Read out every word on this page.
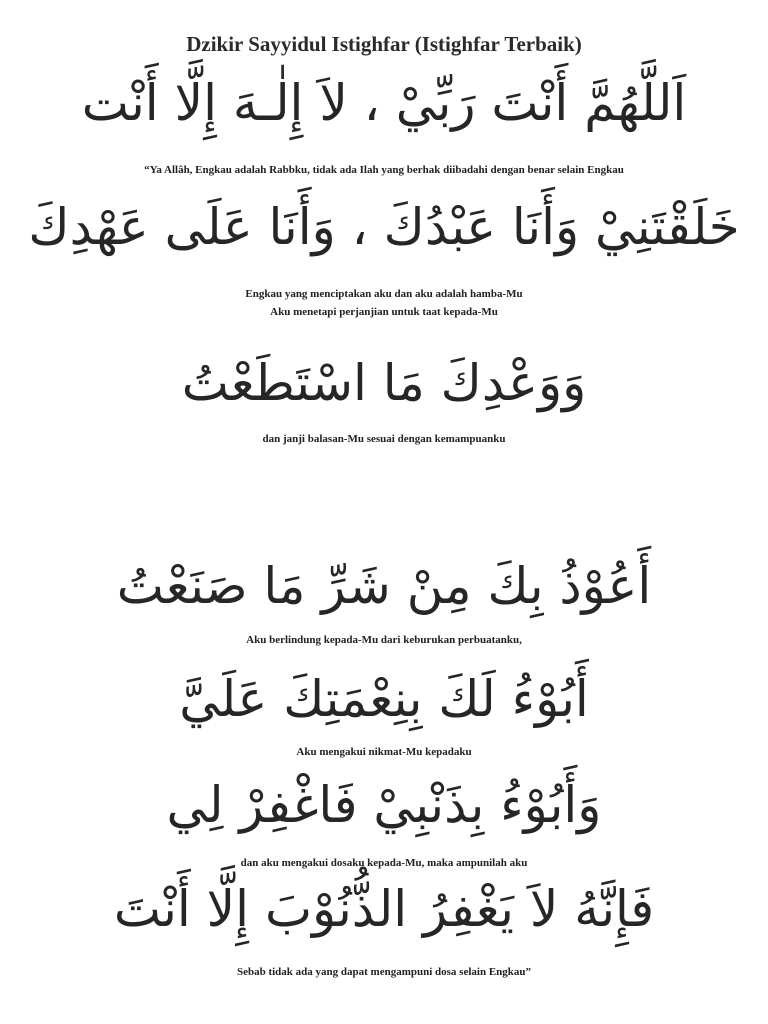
Dzikir Sayyidul Istighfar (Istighfar Terbaik)
اَللَّهُمَّ أَنْتَ رَبِّيْ ، لاَ إِلٰـهَ إِلَّا أَنْت
“Ya Allâh, Engkau adalah Rabbku, tidak ada Ilah yang berhak diibadahi dengan benar selain Engkau
خَلَقْتَنِيْ وَأَنَا عَبْدُكَ ، وَأَنَا عَلَى عَهْدِكَ
Engkau yang menciptakan aku dan aku adalah hamba-Mu
Aku menetapi perjanjian untuk taat kepada-Mu
وَوَعْدِكَ مَا اسْتَطَعْتُ
dan janji balasan-Mu sesuai dengan kemampuanku
أَعُوْذُ بِكَ مِنْ شَرِّ مَا صَنَعْتُ
Aku berlindung kepada-Mu dari keburukan perbuatanku,
أَبُوْءُ لَكَ بِنِعْمَتِكَ عَلَيَّ
Aku mengakui nikmat-Mu kepadaku
وَأَبُوْءُ بِذَنْبِيْ فَاغْفِرْ لِي
dan aku mengakui dosaku kepada-Mu, maka ampunilah aku
فَإِنَّهُ لاَ يَغْفِرُ الذُّنُوْبَ إِلَّا أَنْتَ
Sebab tidak ada yang dapat mengampuni dosa selain Engkau”
